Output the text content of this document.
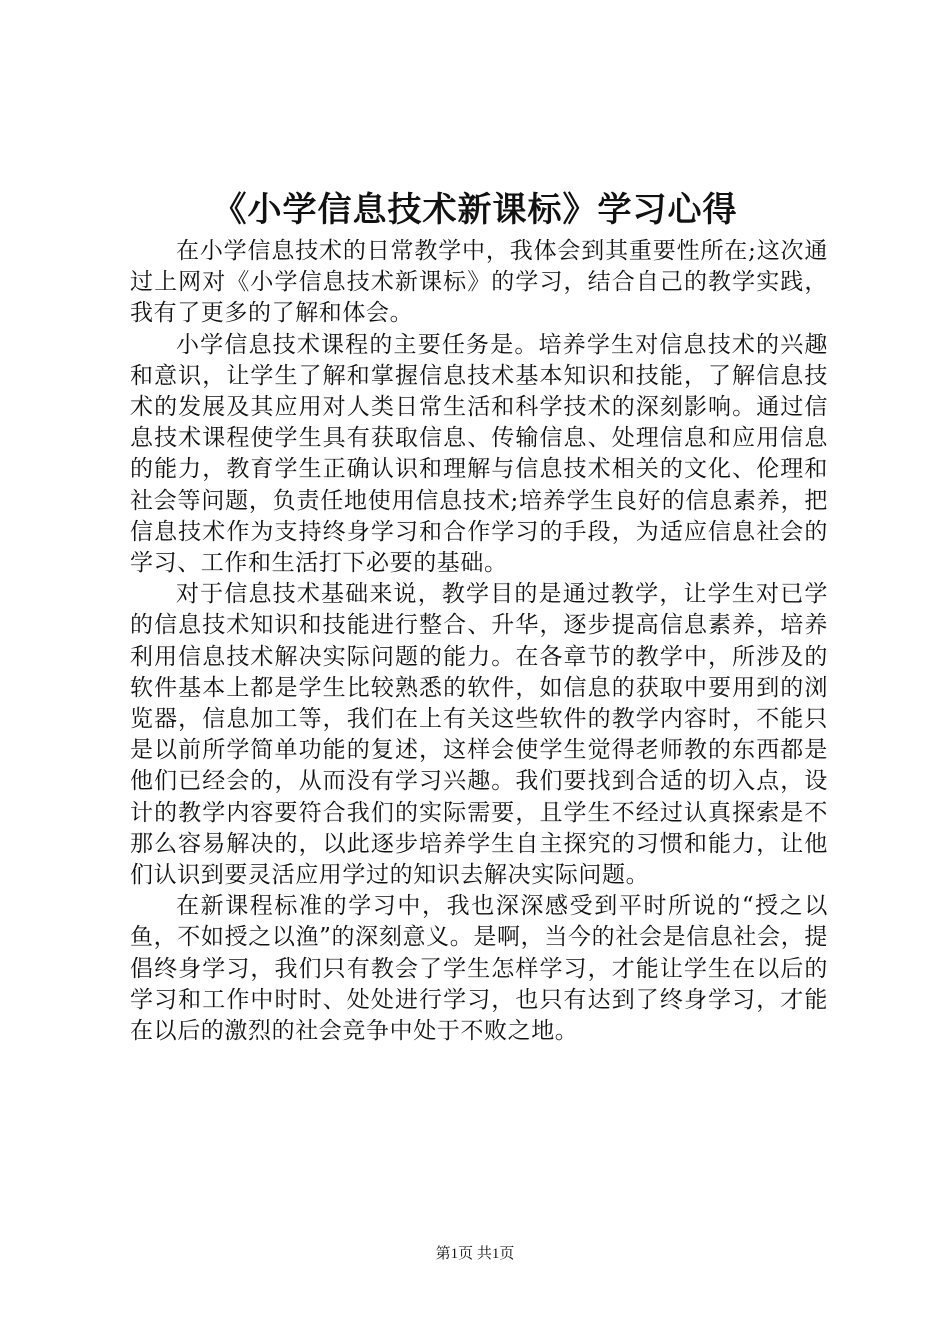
《小学信息技术新课标》学习心得

在小学信息技术的日常教学中，我体会到其重要性所在;这次通过上网对《小学信息技术新课标》的学习，结合自己的教学实践，我有了更多的了解和体会。

小学信息技术课程的主要任务是。培养学生对信息技术的兴趣和意识，让学生了解和掌握信息技术基本知识和技能，了解信息技术的发展及其应用对人类日常生活和科学技术的深刻影响。通过信息技术课程使学生具有获取信息、传输信息、处理信息和应用信息的能力，教育学生正确认识和理解与信息技术相关的文化、伦理和社会等问题，负责任地使用信息技术;培养学生良好的信息素养，把信息技术作为支持终身学习和合作学习的手段，为适应信息社会的学习、工作和生活打下必要的基础。

对于信息技术基础来说，教学目的是通过教学，让学生对已学的信息技术知识和技能进行整合、升华，逐步提高信息素养，培养利用信息技术解决实际问题的能力。在各章节的教学中，所涉及的软件基本上都是学生比较熟悉的软件，如信息的获取中要用到的浏览器，信息加工等，我们在上有关这些软件的教学内容时，不能只是以前所学简单功能的复述，这样会使学生觉得老师教的东西都是他们已经会的，从而没有学习兴趣。我们要找到合适的切入点，设计的教学内容要符合我们的实际需要，且学生不经过认真探索是不那么容易解决的，以此逐步培养学生自主探究的习惯和能力，让他们认识到要灵活应用学过的知识去解决实际问题。

在新课程标准的学习中，我也深深感受到平时所说的“授之以鱼，不如授之以渔”的深刻意义。是啊，当今的社会是信息社会，提倡终身学习，我们只有教会了学生怎样学习，才能让学生在以后的学习和工作中时时、处处进行学习，也只有达到了终身学习，才能在以后的激烈的社会竞争中处于不败之地。

第1页 共1页
